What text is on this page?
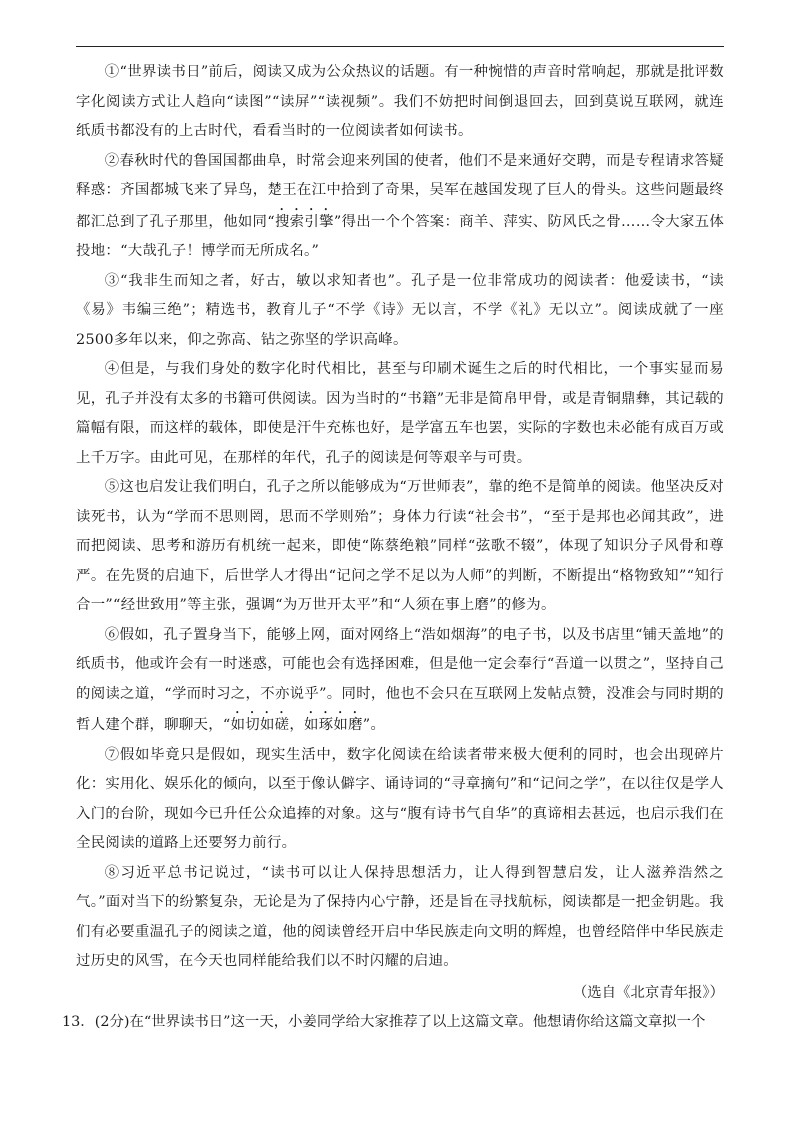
①“世界读书日”前后，阅读又成为公众热议的话题。有一种惋惜的声音时常响起，那就是批评数字化阅读方式让人趋向“读图”“读屏”“读视频”。我们不妨把时间倒退回去，回到莫说互联网，就连纸质书都没有的上古时代，看看当时的一位阅读者如何读书。

②春秋时代的鲁国国都曲阜，时常会迎来列国的使者，他们不是来通好交聘，而是专程请求答疑释惑：齐国都城飞来了异鸟，楚王在江中拾到了奇果，吴军在越国发现了巨人的骨头。这些问题最终都汇总到了孔子那里，他如同“搜索引擎”得出一个个答案：商羊、萍实、防风氏之骨……令大家五体投地：“大哉孔子！博学而无所成名。”

③“我非生而知之者，好古，敏以求知者也”。孔子是一位非常成功的阅读者：他爱读书，“读《易》韦编三绝”；精选书，教育儿子“不学《诗》无以言，不学《礼》无以立”。阅读成就了一座2500多年以来，仰之弥高、钻之弥坚的学识高峰。

④但是，与我们身处的数字化时代相比，甚至与印刷术诞生之后的时代相比，一个事实显而易见，孔子并没有太多的书籍可供阅读。因为当时的“书籍”无非是简帛甲骨，或是青铜鼎彝，其记载的篇幅有限，而这样的载体，即使是汗牛充栋也好，是学富五车也罢，实际的字数也未必能有成百万或上千万字。由此可见，在那样的年代，孔子的阅读是何等艰辛与可贵。

⑤这也启发让我们明白，孔子之所以能够成为“万世师表”，靠的绝不是简单的阅读。他坚决反对读死书，认为“学而不思则罔，思而不学则殆”；身体力行读“社会书”，“至于是邦也必闻其政”，进而把阅读、思考和游历有机统一起来，即使“陈蔡绝粮”同样“弦歌不辍”，体现了知识分子风骨和尊严。在先贤的启迪下，后世学人才得出“记问之学不足以为人师”的判断，不断提出“格物致知”“知行合一”“经世致用”等主张，强调“为万世开太平”和“人须在事上磨”的修为。

⑥假如，孔子置身当下，能够上网，面对网络上“浩如烟海”的电子书，以及书店里“铺天盖地”的纸质书，他或许会有一时迷惑，可能也会有选择困难，但是他一定会奉行“吾道一以贯之”，坚持自己的阅读之道，“学而时习之，不亦说乎”。同时，他也不会只在互联网上发帖点赞，没准会与同时期的哲人建个群，聊聊天，“如切如磋，如琢如磨”。

⑦假如毕竟只是假如，现实生活中，数字化阅读在给读者带来极大便利的同时，也会出现碎片化：实用化、娱乐化的倾向，以至于像认僻字、诵诗词的“寻章摘句”和“记问之学”，在以往仅是学人入门的台阶，现如今已升任公众追捧的对象。这与“腹有诗书气自华”的真谛相去甚远，也启示我们在全民阅读的道路上还要努力前行。

⑧习近平总书记说过，“读书可以让人保持思想活力，让人得到智慧启发，让人滋养浩然之气。”面对当下的纷繁复杂，无论是为了保持内心宁静，还是旨在寻找航标，阅读都是一把金钥匙。我们有必要重温孔子的阅读之道，他的阅读曾经开启中华民族走向文明的辉煌，也曾经陪伴中华民族走过历史的风雪，在今天也同样能给我们以不时闪耀的启迪。

（选自《北京青年报》）

13．(2分)在“世界读书日”这一天，小姜同学给大家推荐了以上这篇文章。他想请你给这篇文章拟一个
